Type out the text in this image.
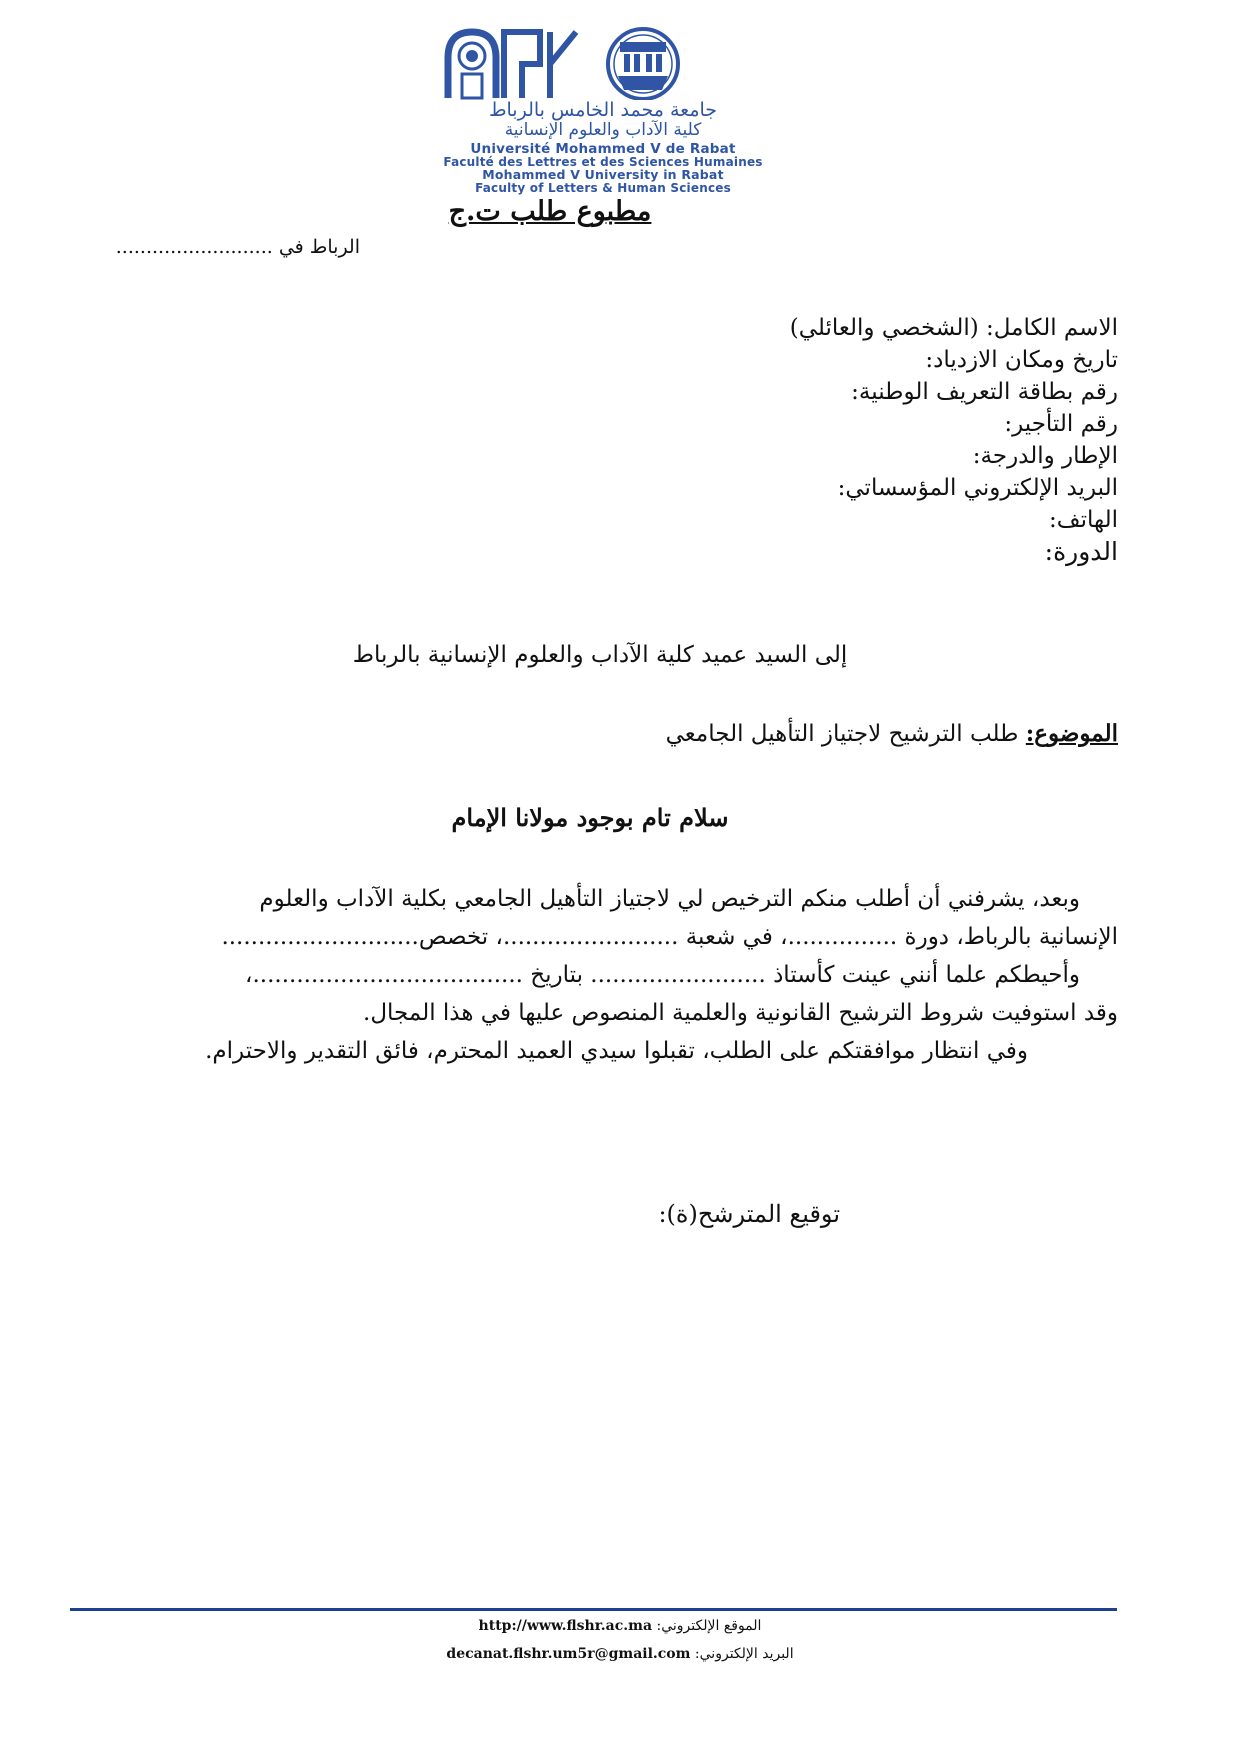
جامعة محمد الخامس بالرباط
كلية الآداب والعلوم الإنسانية
Université Mohammed V de Rabat
Faculté des Lettres et des Sciences Humaines
Mohammed V University in Rabat
Faculty of Letters & Human Sciences
مطبوع طلب ت.ج
الرباط في ..........................
الاسم الكامل: (الشخصي والعائلي)
تاريخ ومكان الازدياد:
رقم بطاقة التعريف الوطنية:
رقم التأجير:
الإطار والدرجة:
البريد الإلكتروني المؤسساتي:
الهاتف:
الدورة:
إلى السيد عميد كلية الآداب والعلوم الإنسانية بالرباط
الموضوع: طلب الترشيح لاجتياز التأهيل الجامعي
سلام تام بوجود مولانا الإمام
وبعد، يشرفني أن أطلب منكم الترخيص لي لاجتياز التأهيل الجامعي بكلية الآداب والعلوم
الإنسانية بالرباط، دورة ...............، في شعبة ........................، تخصص...........................
وأحيطكم علما أنني عينت كأستاذ ........................ بتاريخ .....................................،
وقد استوفيت شروط الترشيح القانونية والعلمية المنصوص عليها في هذا المجال.
وفي انتظار موافقتكم على الطلب، تقبلوا سيدي العميد المحترم، فائق التقدير والاحترام.
توقيع المترشح(ة):
الموقع الإلكتروني: http://www.flshr.ac.ma
البريد الإلكتروني: decanat.flshr.um5r@gmail.com
